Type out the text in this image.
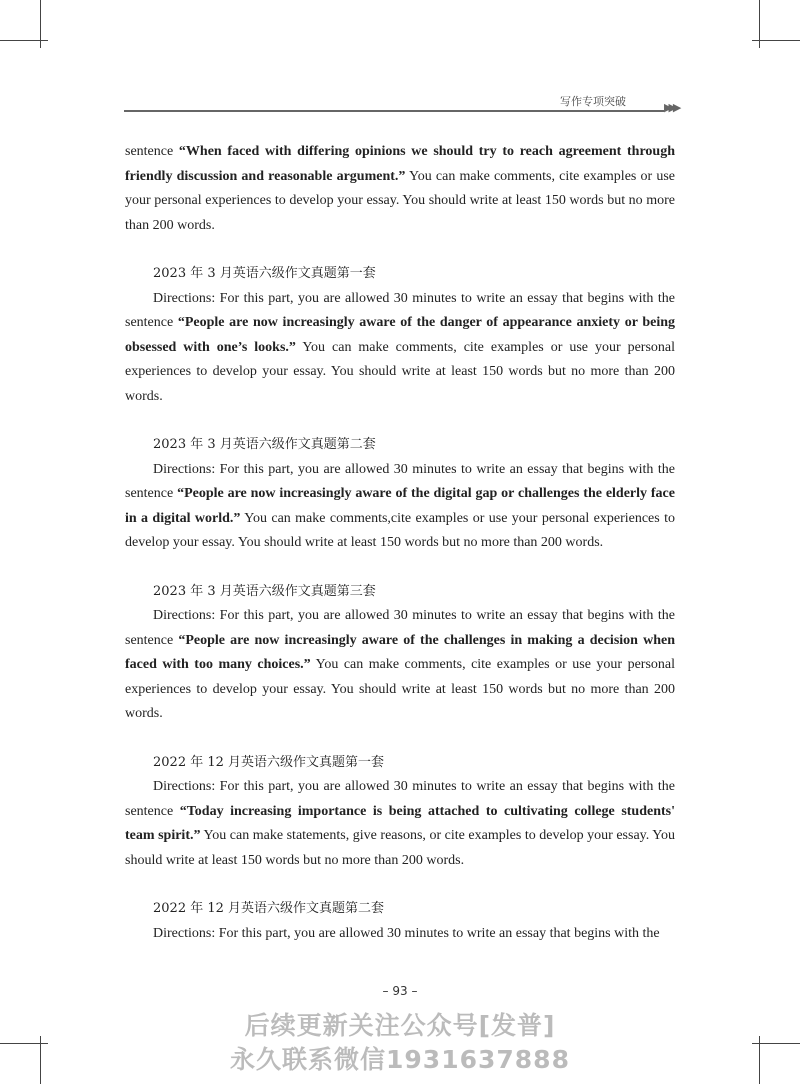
写作专项突破	▶▶▶

sentence “When faced with differing opinions we should try to reach agreement through friendly discussion and reasonable argument.” You can make comments, cite examples or use your personal experiences to develop your essay. You should write at least 150 words but no more than 200 words.

2023 年 3 月英语六级作文真题第一套

Directions: For this part, you are allowed 30 minutes to write an essay that begins with the sentence “People are now increasingly aware of the danger of appearance anxiety or being obsessed with one’s looks.” You can make comments, cite examples or use your personal experiences to develop your essay. You should write at least 150 words but no more than 200 words.

2023 年 3 月英语六级作文真题第二套

Directions: For this part, you are allowed 30 minutes to write an essay that begins with the sentence “People are now increasingly aware of the digital gap or challenges the elderly face in a digital world.” You can make comments,cite examples or use your personal experiences to develop your essay. You should write at least 150 words but no more than 200 words.

2023 年 3 月英语六级作文真题第三套

Directions: For this part, you are allowed 30 minutes to write an essay that begins with the sentence “People are now increasingly aware of the challenges in making a decision when faced with too many choices.” You can make comments, cite examples or use your personal experiences to develop your essay. You should write at least 150 words but no more than 200 words.

2022 年 12 月英语六级作文真题第一套

Directions: For this part, you are allowed 30 minutes to write an essay that begins with the sentence “Today increasing importance is being attached to cultivating college students' team spirit.” You can make statements, give reasons, or cite examples to develop your essay. You should write at least 150 words but no more than 200 words.

2022 年 12 月英语六级作文真题第二套

Directions: For this part, you are allowed 30 minutes to write an essay that begins with the

– 93 –
后续更新关注公众号[发普]
永久联系微信1931637888
